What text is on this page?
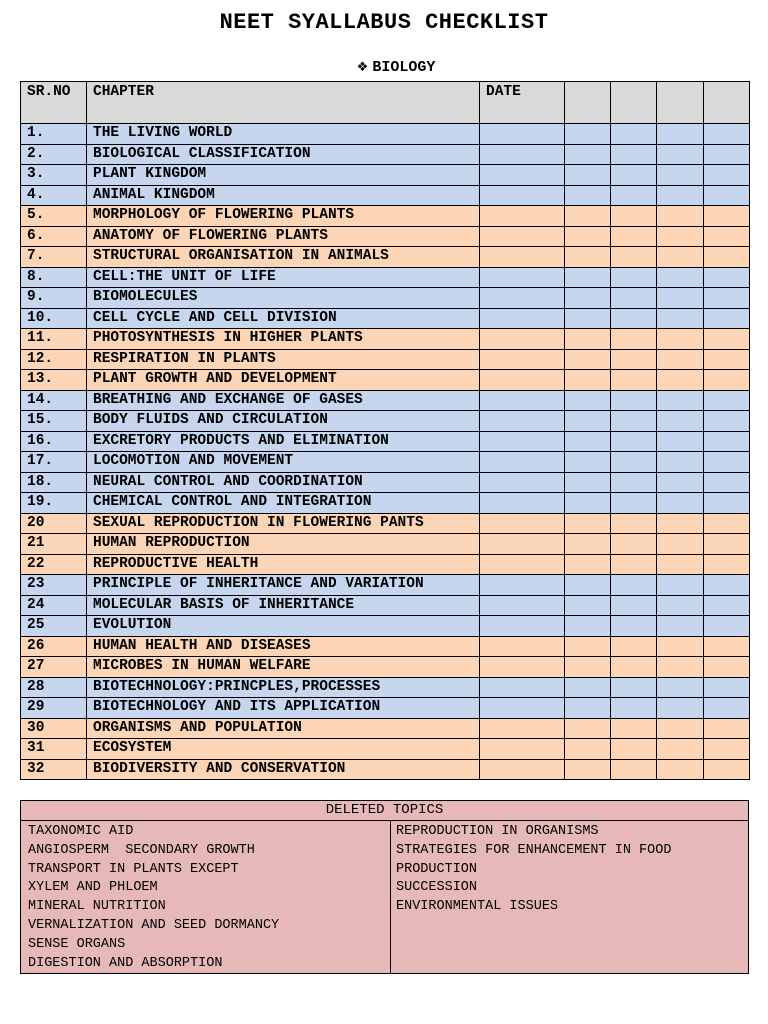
NEET SYALLABUS CHECKLIST
❖ BIOLOGY
SR.NO	CHAPTER	DATE				
1.	THE LIVING WORLD					
2.	BIOLOGICAL CLASSIFICATION					
3.	PLANT KINGDOM					
4.	ANIMAL KINGDOM					
5.	MORPHOLOGY OF FLOWERING PLANTS					
6.	ANATOMY OF FLOWERING PLANTS					
7.	STRUCTURAL ORGANISATION IN ANIMALS					
8.	CELL:THE UNIT OF LIFE					
9.	BIOMOLECULES					
10.	CELL CYCLE AND CELL DIVISION					
11.	PHOTOSYNTHESIS IN HIGHER PLANTS					
12.	RESPIRATION IN PLANTS					
13.	PLANT GROWTH AND DEVELOPMENT					
14.	BREATHING AND EXCHANGE OF GASES					
15.	BODY FLUIDS AND CIRCULATION					
16.	EXCRETORY PRODUCTS AND ELIMINATION					
17.	LOCOMOTION AND MOVEMENT					
18.	NEURAL CONTROL AND COORDINATION					
19.	CHEMICAL CONTROL AND INTEGRATION					
20	SEXUAL REPRODUCTION IN FLOWERING PANTS					
21	HUMAN REPRODUCTION					
22	REPRODUCTIVE HEALTH					
23	PRINCIPLE OF INHERITANCE AND VARIATION					
24	MOLECULAR BASIS OF INHERITANCE					
25	EVOLUTION					
26	HUMAN HEALTH AND DISEASES					
27	MICROBES IN HUMAN WELFARE					
28	BIOTECHNOLOGY:PRINCPLES,PROCESSES					
29	BIOTECHNOLOGY AND ITS APPLICATION					
30	ORGANISMS AND POPULATION					
31	ECOSYSTEM					
32	BIODIVERSITY AND CONSERVATION					
DELETED TOPICS
TAXONOMIC AID
ANGIOSPERM  SECONDARY GROWTH
TRANSPORT IN PLANTS EXCEPT
XYLEM AND PHLOEM
MINERAL NUTRITION
VERNALIZATION AND SEED DORMANCY
SENSE ORGANS
DIGESTION AND ABSORPTION
REPRODUCTION IN ORGANISMS
STRATEGIES FOR ENHANCEMENT IN FOOD
PRODUCTION
SUCCESSION
ENVIRONMENTAL ISSUES
